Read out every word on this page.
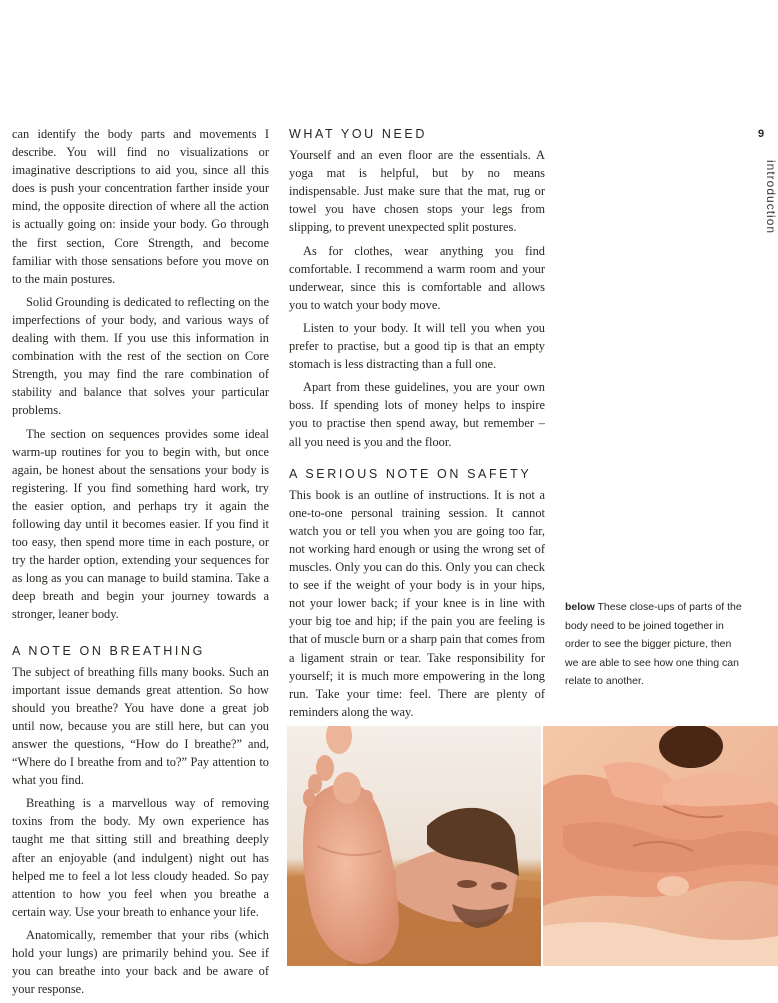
can identify the body parts and movements I describe. You will find no visualizations or imaginative descriptions to aid you, since all this does is push your concentration farther inside your mind, the opposite direction of where all the action is actually going on: inside your body. Go through the first section, Core Strength, and become familiar with those sensations before you move on to the main postures.

Solid Grounding is dedicated to reflecting on the imperfections of your body, and various ways of dealing with them. If you use this information in combination with the rest of the section on Core Strength, you may find the rare combination of stability and balance that solves your particular problems.

The section on sequences provides some ideal warm-up routines for you to begin with, but once again, be honest about the sensations your body is registering. If you find something hard work, try the easier option, and perhaps try it again the following day until it becomes easier. If you find it too easy, then spend more time in each posture, or try the harder option, extending your sequences for as long as you can manage to build stamina. Take a deep breath and begin your journey towards a stronger, leaner body.

A NOTE ON BREATHING

The subject of breathing fills many books. Such an important issue demands great attention. So how should you breathe? You have done a great job until now, because you are still here, but can you answer the questions, “How do I breathe?” and, “Where do I breathe from and to?” Pay attention to what you find.

Breathing is a marvellous way of removing toxins from the body. My own experience has taught me that sitting still and breathing deeply after an enjoyable (and indulgent) night out has helped me to feel a lot less cloudy headed. So pay attention to how you feel when you breathe a certain way. Use your breath to enhance your life.

Anatomically, remember that your ribs (which hold your lungs) are primarily behind you. See if you can breathe into your back and be aware of your response.

WHAT YOU NEED

Yourself and an even floor are the essentials. A yoga mat is helpful, but by no means indispensable. Just make sure that the mat, rug or towel you have chosen stops your legs from slipping, to prevent unexpected split postures.

As for clothes, wear anything you find comfortable. I recommend a warm room and your underwear, since this is comfortable and allows you to watch your body move.

Listen to your body. It will tell you when you prefer to practise, but a good tip is that an empty stomach is less distracting than a full one.

Apart from these guidelines, you are your own boss. If spending lots of money helps to inspire you to practise then spend away, but remember – all you need is you and the floor.

A SERIOUS NOTE ON SAFETY

This book is an outline of instructions. It is not a one-to-one personal training session. It cannot watch you or tell you when you are going too far, not working hard enough or using the wrong set of muscles. Only you can do this. Only you can check to see if the weight of your body is in your hips, not your lower back; if your knee is in line with your big toe and hip; if the pain you are feeling is that of muscle burn or a sharp pain that comes from a ligament strain or tear. Take responsibility for yourself; it is much more empowering in the long run. Take your time: feel. There are plenty of reminders along the way.

9
introduction
below These close-ups of parts of the body need to be joined together in order to see the bigger picture, then we are able to see how one thing can relate to another.
